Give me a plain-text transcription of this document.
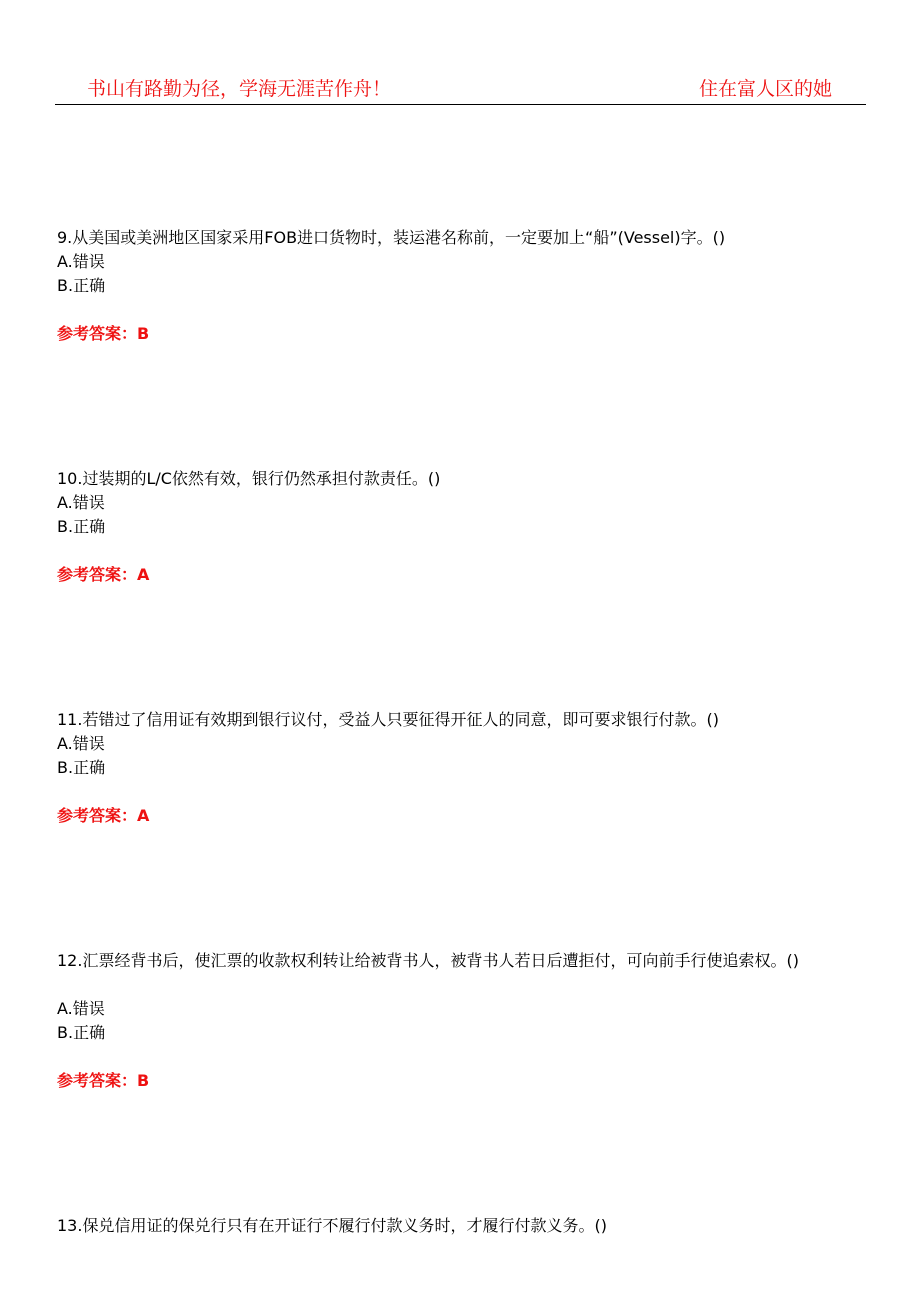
书山有路勤为径，学海无涯苦作舟！	住在富人区的她
9.从美国或美洲地区国家采用FOB进口货物时，装运港名称前，一定要加上“船”(Vessel)字。()
A.错误
B.正确
参考答案：B
10.过装期的L/C依然有效，银行仍然承担付款责任。()
A.错误
B.正确
参考答案：A
11.若错过了信用证有效期到银行议付，受益人只要征得开征人的同意，即可要求银行付款。()
A.错误
B.正确
参考答案：A
12.汇票经背书后，使汇票的收款权利转让给被背书人，被背书人若日后遭拒付，可向前手行使追索权。()
A.错误
B.正确
参考答案：B
13.保兑信用证的保兑行只有在开证行不履行付款义务时，才履行付款义务。()
